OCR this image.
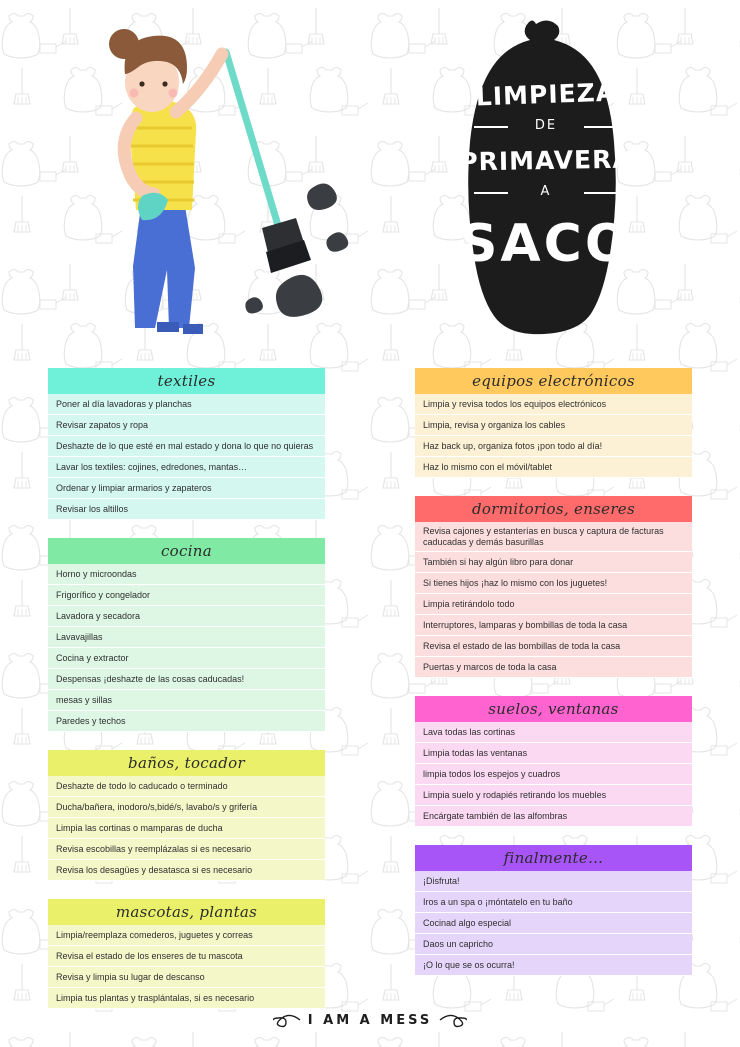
LIMPIEZA
DE
PRIMAVERA
A
SACO
textiles
Poner al día lavadoras y planchas
Revisar zapatos y ropa
Deshazte de lo que esté en mal estado y dona lo que no quieras
Lavar los textiles: cojines, edredones, mantas…
Ordenar y limpiar armarios y zapateros
Revisar los altillos
cocina
Horno y microondas
Frigorífico y congelador
Lavadora y secadora
Lavavajillas
Cocina y extractor
Despensas ¡deshazte de las cosas caducadas!
mesas y sillas
Paredes y techos
baños, tocador
Deshazte de todo lo caducado o terminado
Ducha/bañera, inodoro/s,bidé/s, lavabo/s y grifería
Limpia las cortinas o mamparas de ducha
Revisa escobillas y reemplázalas si es necesario
Revisa los desagües y desatasca si es necesario
mascotas, plantas
Limpia/reemplaza comederos, juguetes y correas
Revisa el estado de los enseres de tu mascota
Revisa y limpia su lugar de descanso
Limpia tus plantas y trasplántalas, si es necesario
equipos electrónicos
Limpia y revisa todos los equipos electrónicos
Limpia, revisa y organiza los cables
Haz back up, organiza fotos ¡pon todo al día!
Haz lo mismo con el móvil/tablet
dormitorios, enseres
Revisa cajones y estanterías en busca y captura de facturas caducadas y demás basurillas
También si hay algún libro para donar
Si tienes hijos ¡haz lo mismo con los juguetes!
Limpia retirándolo todo
Interruptores, lamparas y bombillas de toda la casa
Revisa el estado de las bombillas de toda la casa
Puertas y marcos de toda la casa
suelos, ventanas
Lava todas las cortinas
Limpia todas las ventanas
limpia todos los espejos y cuadros
Limpia suelo y rodapiés retirando los muebles
Encárgate también de las alfombras
finalmente…
¡Disfruta!
Iros a un spa o ¡móntatelo en tu baño
Cocinad algo especial
Daos un capricho
¡O lo que se os ocurra!
I AM A MESS
